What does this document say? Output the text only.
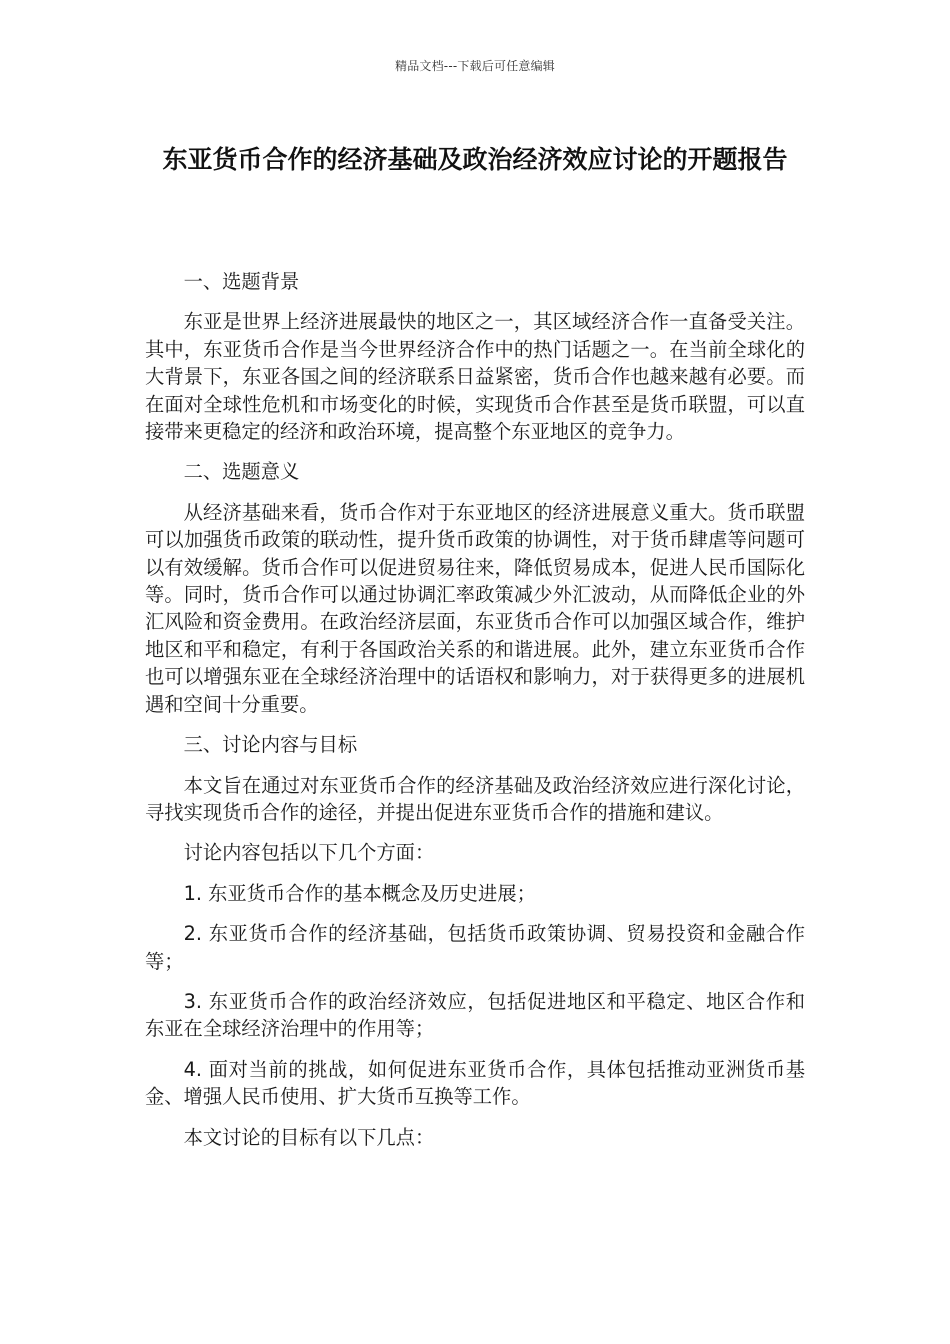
精品文档---下载后可任意编辑
东亚货币合作的经济基础及政治经济效应讨论的开题报告

一、选题背景

东亚是世界上经济进展最快的地区之一，其区域经济合作一直备受关注。其中，东亚货币合作是当今世界经济合作中的热门话题之一。在当前全球化的大背景下，东亚各国之间的经济联系日益紧密，货币合作也越来越有必要。而在面对全球性危机和市场变化的时候，实现货币合作甚至是货币联盟，可以直接带来更稳定的经济和政治环境，提高整个东亚地区的竞争力。

二、选题意义

从经济基础来看，货币合作对于东亚地区的经济进展意义重大。货币联盟可以加强货币政策的联动性，提升货币政策的协调性，对于货币肆虐等问题可以有效缓解。货币合作可以促进贸易往来，降低贸易成本，促进人民币国际化等。同时，货币合作可以通过协调汇率政策减少外汇波动，从而降低企业的外汇风险和资金费用。在政治经济层面，东亚货币合作可以加强区域合作，维护地区和平和稳定，有利于各国政治关系的和谐进展。此外，建立东亚货币合作也可以增强东亚在全球经济治理中的话语权和影响力，对于获得更多的进展机遇和空间十分重要。

三、讨论内容与目标

本文旨在通过对东亚货币合作的经济基础及政治经济效应进行深化讨论，寻找实现货币合作的途径，并提出促进东亚货币合作的措施和建议。

讨论内容包括以下几个方面：

1. 东亚货币合作的基本概念及历史进展；

2. 东亚货币合作的经济基础，包括货币政策协调、贸易投资和金融合作等；

3. 东亚货币合作的政治经济效应，包括促进地区和平稳定、地区合作和东亚在全球经济治理中的作用等；

4. 面对当前的挑战，如何促进东亚货币合作，具体包括推动亚洲货币基金、增强人民币使用、扩大货币互换等工作。

本文讨论的目标有以下几点：
